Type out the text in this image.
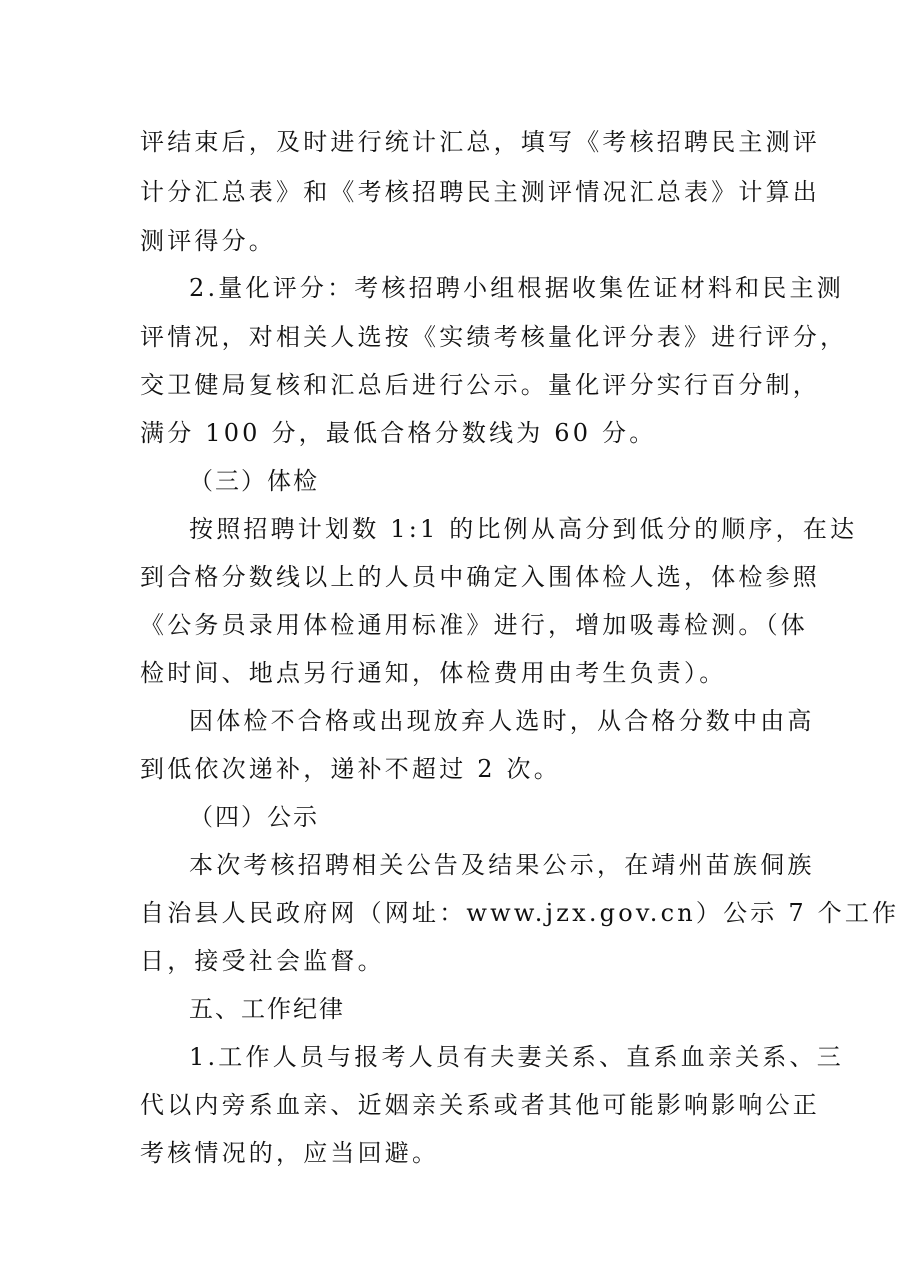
评结束后，及时进行统计汇总，填写《考核招聘民主测评
计分汇总表》和《考核招聘民主测评情况汇总表》计算出
测评得分。
2.量化评分：考核招聘小组根据收集佐证材料和民主测
评情况，对相关人选按《实绩考核量化评分表》进行评分，
交卫健局复核和汇总后进行公示。量化评分实行百分制，
满分 100 分，最低合格分数线为 60 分。
（三）体检
按照招聘计划数 1:1 的比例从高分到低分的顺序，在达
到合格分数线以上的人员中确定入围体检人选，体检参照
《公务员录用体检通用标准》进行，增加吸毒检测。（体
检时间、地点另行通知，体检费用由考生负责）。
因体检不合格或出现放弃人选时，从合格分数中由高
到低依次递补，递补不超过 2 次。
（四）公示
本次考核招聘相关公告及结果公示，在靖州苗族侗族
自治县人民政府网（网址：www.jzx.gov.cn）公示 7 个工作
日，接受社会监督。
五、工作纪律
1.工作人员与报考人员有夫妻关系、直系血亲关系、三
代以内旁系血亲、近姻亲关系或者其他可能影响影响公正
考核情况的，应当回避。
